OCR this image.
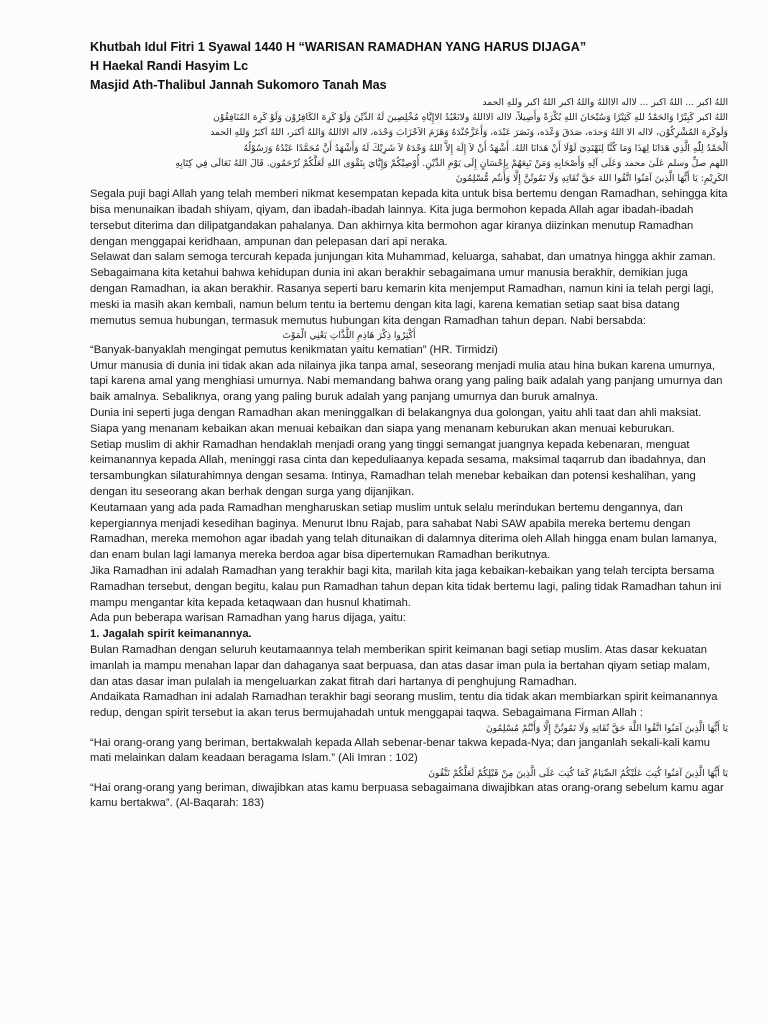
Khutbah Idul Fitri 1 Syawal 1440 H “WARISAN RAMADHAN YANG HARUS DIJAGA”
H Haekal Randi Hasyim Lc
Masjid Ath-Thalibul Jannah Sukomoro Tanah Mas
اللهُ اكبر ... اللهُ اكبر ... لااله الااللهُ واللهُ اكبر اللهُ اكبر وللهِ الحمد
اللهُ اكبر كَبِيْرًا وَالحَمْدُ للهِ كَثِيْرًا وَسُبْحَانَ اللهِ بُكْرَةً وأَصِيلاً، لااله الااللهُ ولانَعْبُدُ الاإِيَّاهِ مُخْلِصِينَ لَهُ الدِّيْنَ وَلَوْ كَرِهَ الكَافِرُوْن وَلَوْ كَرِهَ المُنَافِقُوْن
وَلَوكَرِهَ المُشْرِكُوْن، لااله الا اللهُ وَحدَه، صَدَقَ وَعْدَه، وَنَصَرَ عَبْدَه، وَأَعَزَّجُنْدَهُ وَهَزَمَ الاَحْزَابَ وَحْدَه، لااله الااللهُ وَاللهُ اَكبَر، اللهُ اَكبَرُ وَللهِ الحمد
اَلْحَمْدُ لِلّٰهِ الَّذِي هَدَانَا لِهَذَا وَمَا كُنَّا لِنَهْتَدِيَ لَوْلَا أَنْ هَدَانَا اللهُ. أَشْهَدُ أَنْ لاَ إِلَهَ إِلاَّ اللهُ وَحْدَهُ لاَ شَرِيْكَ لَهُ وَأَشْهَدُ أَنَّ مُحَمَّدًا عَبْدُهُ وَرَسُوْلُهُ
اللهم صلِّ وسلم عَلَىٰ محمد وَعَلَى آلِهِ وَأَصْحَابِهِ وَمَنْ تَبِعَهُمْ بِإِحْسَانٍ إِلَى يَوْمِ الدِّيْنِ. أُوْصِيْكُمْ وَإِيَّايَ بِتَقْوَى اللهِ لَعَلَّكُمْ تُرْحَمُون. قَالَ اللهُ تَعَالَى فِي كِتَابِهِ
الكَرِيْمِ: يَا أَيُّهَا الَّذِينَ آمَنُوا اتَّقُوا اللهَ حَقَّ تُقَاتِهِ وَلَا تَمُوتُنَّ إِلَّا وَأَنتُم مُّسْلِمُونَ

Segala puji bagi Allah yang telah memberi nikmat kesempatan kepada kita untuk bisa bertemu dengan Ramadhan, sehingga kita bisa menunaikan ibadah shiyam, qiyam, dan ibadah-ibadah lainnya. Kita juga bermohon kepada Allah agar ibadah-ibadah tersebut diterima dan dilipatgandakan pahalanya. Dan akhirnya kita bermohon agar kiranya diizinkan menutup Ramadhan dengan menggapai keridhaan, ampunan dan pelepasan dari api neraka.

Selawat dan salam semoga tercurah kepada junjungan kita Muhammad, keluarga, sahabat, dan umatnya hingga akhir zaman.

Sebagaimana kita ketahui bahwa kehidupan dunia ini akan berakhir sebagaimana umur manusia berakhir, demikian juga dengan Ramadhan, ia akan berakhir. Rasanya seperti baru kemarin kita menjemput Ramadhan, namun kini ia telah pergi lagi, meski ia masih akan kembali, namun belum tentu ia bertemu dengan kita lagi, karena kematian setiap saat bisa datang memutus semua hubungan, termasuk memutus hubungan kita dengan Ramadhan tahun depan. Nabi bersabda:

أَكْثِرُوا ذِكْرَ هَاذِمِ اللَّذَّاتِ يَعْنِي الْمَوْتَ

“Banyak-banyaklah mengingat pemutus kenikmatan yaitu kematian” (HR. Tirmidzi)

Umur manusia di dunia ini tidak akan ada nilainya jika tanpa amal, seseorang menjadi mulia atau hina bukan karena umurnya, tapi karena amal yang menghiasi umurnya. Nabi memandang bahwa orang yang paling baik adalah yang panjang umurnya dan baik amalnya. Sebaliknya, orang yang paling buruk adalah yang panjang umurnya dan buruk amalnya.

Dunia ini seperti juga dengan Ramadhan akan meninggalkan di belakangnya dua golongan, yaitu ahli taat dan ahli maksiat. Siapa yang menanam kebaikan akan menuai kebaikan dan siapa yang menanam keburukan akan menuai keburukan.

Setiap muslim di akhir Ramadhan hendaklah menjadi orang yang tinggi semangat juangnya kepada kebenaran, menguat keimanannya kepada Allah, meninggi rasa cinta dan kepeduliaanya kepada sesama, maksimal taqarrub dan ibadahnya, dan tersambungkan silaturahimnya dengan sesama. Intinya, Ramadhan telah menebar kebaikan dan potensi keshalihan, yang dengan itu seseorang akan berhak dengan surga yang dijanjikan.

Keutamaan yang ada pada Ramadhan mengharuskan setiap muslim untuk selalu merindukan bertemu dengannya, dan kepergiannya menjadi kesedihan baginya. Menurut Ibnu Rajab, para sahabat Nabi SAW apabila mereka bertemu dengan Ramadhan, mereka memohon agar ibadah yang telah ditunaikan di dalamnya diterima oleh Allah hingga enam bulan lamanya, dan enam bulan lagi lamanya mereka berdoa agar bisa dipertemukan Ramadhan berikutnya.

Jika Ramadhan ini adalah Ramadhan yang terakhir bagi kita, marilah kita jaga kebaikan-kebaikan yang telah tercipta bersama Ramadhan tersebut, dengan begitu, kalau pun Ramadhan tahun depan kita tidak bertemu lagi, paling tidak Ramadhan tahun ini mampu mengantar kita kepada ketaqwaan dan husnul khatimah.

Ada pun beberapa warisan Ramadhan yang harus dijaga, yaitu:

1. Jagalah spirit keimanannya.

Bulan Ramadhan dengan seluruh keutamaannya telah memberikan spirit keimanan bagi setiap muslim. Atas dasar kekuatan imanlah ia mampu menahan lapar dan dahaganya saat berpuasa, dan atas dasar iman pula ia bertahan qiyam setiap malam, dan atas dasar iman pulalah ia mengeluarkan zakat fitrah dari hartanya di penghujung Ramadhan.

Andaikata Ramadhan ini adalah Ramadhan terakhir bagi seorang muslim, tentu dia tidak akan membiarkan spirit keimanannya redup, dengan spirit tersebut ia akan terus bermujahadah untuk menggapai taqwa. Sebagaimana Firman Allah :

يَا أَيُّهَا الَّذِينَ آمَنُوا اتَّقُوا اللَّهَ حَقَّ تُقَاتِهِ وَلَا تَمُوتُنَّ إِلَّا وَأَنْتُمْ مُسْلِمُونَ

“Hai orang-orang yang beriman, bertakwalah kepada Allah sebenar-benar takwa kepada-Nya; dan janganlah sekali-kali kamu mati melainkan dalam keadaan beragama Islam.” (Ali Imran : 102)

يَا أَيُّهَا الَّذِينَ آمَنُوا كُتِبَ عَلَيْكُمُ الصِّيَامُ كَمَا كُتِبَ عَلَى الَّذِينَ مِنْ قَبْلِكُمْ لَعَلَّكُمْ تَتَّقُونَ

“Hai orang-orang yang beriman, diwajibkan atas kamu berpuasa sebagaimana diwajibkan atas orang-orang sebelum kamu agar kamu bertakwa”. (Al-Baqarah: 183)
